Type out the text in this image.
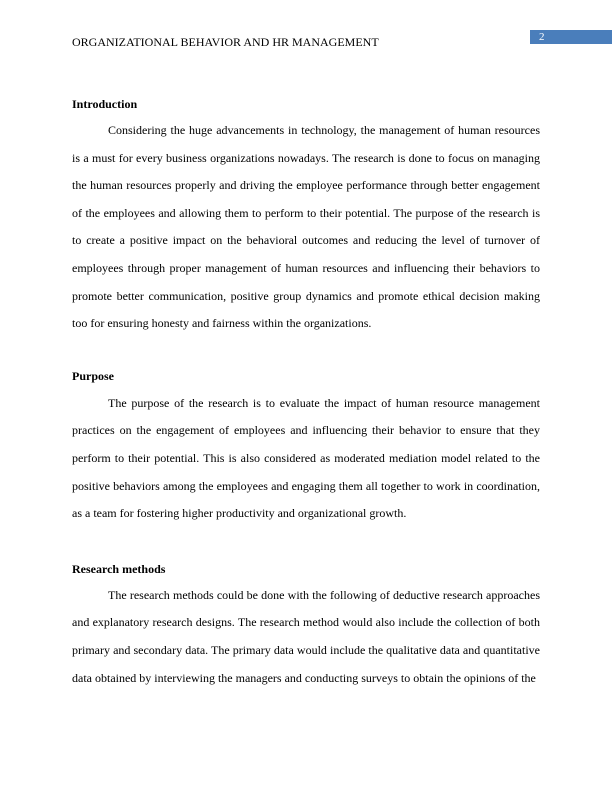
ORGANIZATIONAL BEHAVIOR AND HR MANAGEMENT	2

Introduction

Considering the huge advancements in technology, the management of human resources is a must for every business organizations nowadays. The research is done to focus on managing the human resources properly and driving the employee performance through better engagement of the employees and allowing them to perform to their potential. The purpose of the research is to create a positive impact on the behavioral outcomes and reducing the level of turnover of employees through proper management of human resources and influencing their behaviors to promote better communication, positive group dynamics and promote ethical decision making too for ensuring honesty and fairness within the organizations.

Purpose

The purpose of the research is to evaluate the impact of human resource management practices on the engagement of employees and influencing their behavior to ensure that they perform to their potential. This is also considered as moderated mediation model related to the positive behaviors among the employees and engaging them all together to work in coordination, as a team for fostering higher productivity and organizational growth.

Research methods

The research methods could be done with the following of deductive research approaches and explanatory research designs. The research method would also include the collection of both primary and secondary data. The primary data would include the qualitative data and quantitative data obtained by interviewing the managers and conducting surveys to obtain the opinions of the
